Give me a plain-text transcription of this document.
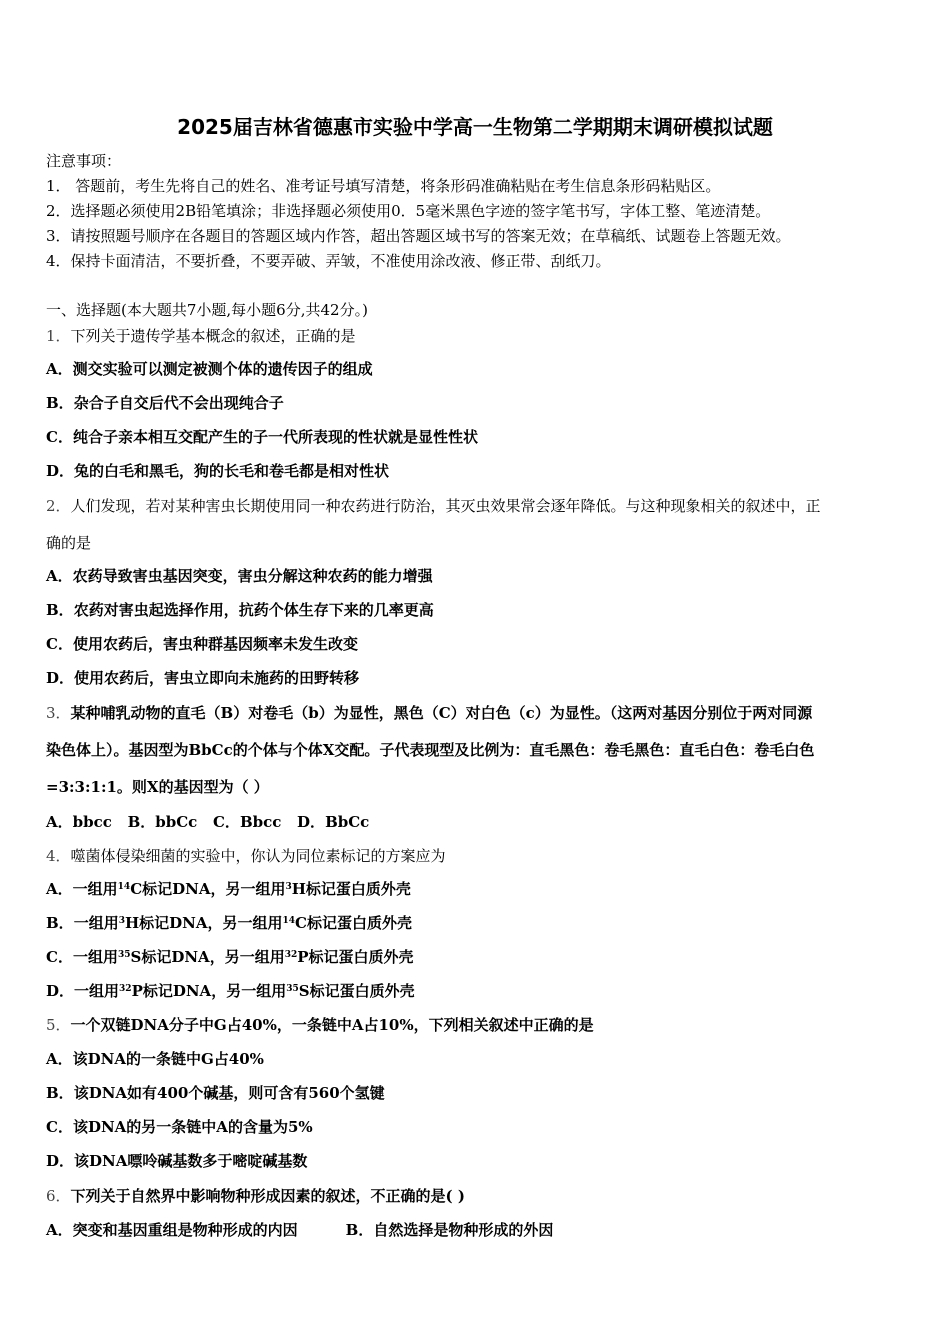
2025届吉林省德惠市实验中学高一生物第二学期期末调研模拟试题
注意事项：
1． 答题前，考生先将自己的姓名、准考证号填写清楚，将条形码准确粘贴在考生信息条形码粘贴区。
2．选择题必须使用2B铅笔填涂；非选择题必须使用0．5毫米黑色字迹的签字笔书写，字体工整、笔迹清楚。
3．请按照题号顺序在各题目的答题区域内作答，超出答题区域书写的答案无效；在草稿纸、试题卷上答题无效。
4．保持卡面清洁，不要折叠，不要弄破、弄皱，不准使用涂改液、修正带、刮纸刀。
一、选择题(本大题共7小题,每小题6分,共42分。)
1．下列关于遗传学基本概念的叙述，正确的是
A．测交实验可以测定被测个体的遗传因子的组成
B．杂合子自交后代不会出现纯合子
C．纯合子亲本相互交配产生的子一代所表现的性状就是显性性状
D．兔的白毛和黑毛，狗的长毛和卷毛都是相对性状
2．人们发现，若对某种害虫长期使用同一种农药进行防治，其灭虫效果常会逐年降低。与这种现象相关的叙述中，正
确的是
A．农药导致害虫基因突变，害虫分解这种农药的能力增强
B．农药对害虫起选择作用，抗药个体生存下来的几率更高
C．使用农药后，害虫种群基因频率未发生改变
D．使用农药后，害虫立即向未施药的田野转移
3．某种哺乳动物的直毛（B）对卷毛（b）为显性，黑色（C）对白色（c）为显性。（这两对基因分别位于两对同源
染色体上）。基因型为BbCc的个体与个体X交配。子代表现型及比例为：直毛黑色：卷毛黑色：直毛白色：卷毛白色
=3:3:1:1。则X的基因型为（ ）
A．bbcc B．bbCc C．Bbcc D．BbCc
4．噬菌体侵染细菌的实验中，你认为同位素标记的方案应为
A．一组用$^{14}$C标记DNA，另一组用$^3$H标记蛋白质外壳
B．一组用$^3$H标记DNA，另一组用$^{14}$C标记蛋白质外壳
C．一组用$^{35}$S标记DNA，另一组用$^{32}$P标记蛋白质外壳
D．一组用$^{32}$P标记DNA，另一组用$^{35}$S标记蛋白质外壳
5．一个双链DNA分子中G占40%，一条链中A占10%，下列相关叙述中正确的是
A．该DNA的一条链中G占40%
B．该DNA如有400个碱基，则可含有560个氢键
C．该DNA的另一条链中A的含量为5%
D．该DNA嘌呤碱基数多于嘧啶碱基数
6．下列关于自然界中影响物种形成因素的叙述，不正确的是( )
A．突变和基因重组是物种形成的内因	B．自然选择是物种形成的外因
